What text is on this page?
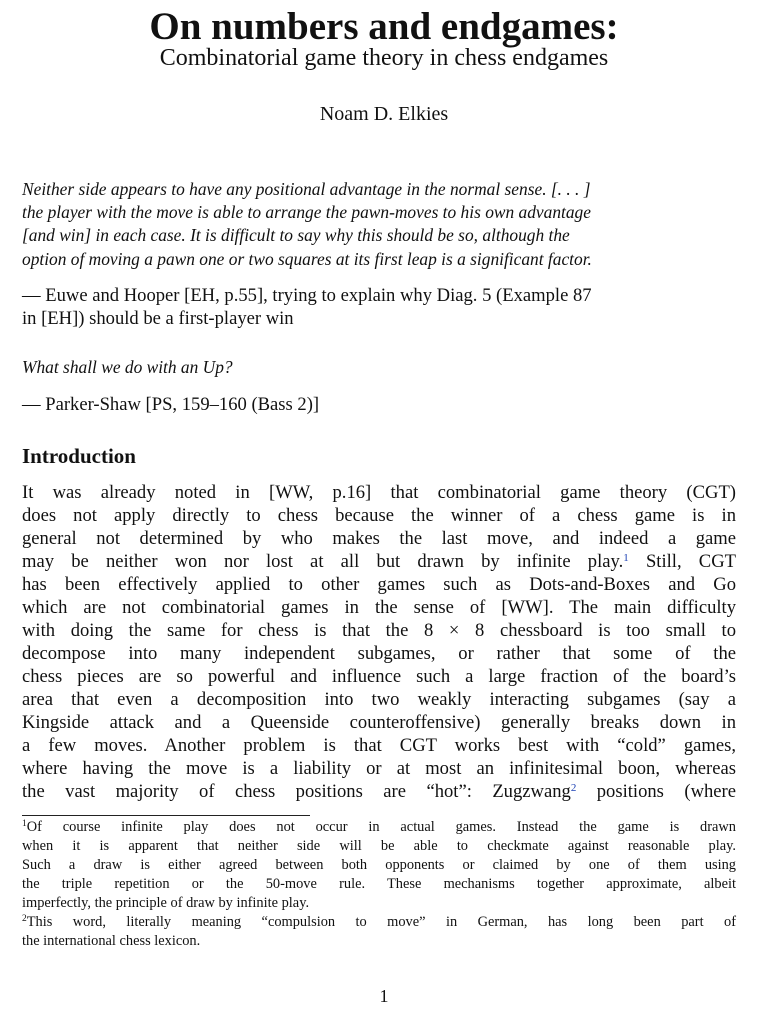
On numbers and endgames:
Combinatorial game theory in chess endgames
Noam D. Elkies
Neither side appears to have any positional advantage in the normal sense. [. . . ]
the player with the move is able to arrange the pawn-moves to his own advantage
[and win] in each case. It is difficult to say why this should be so, although the
option of moving a pawn one or two squares at its first leap is a significant factor.
— Euwe and Hooper [EH, p.55], trying to explain why Diag. 5 (Example 87
in [EH]) should be a first-player win
What shall we do with an Up?
— Parker-Shaw [PS, 159–160 (Bass 2)]
Introduction
It was already noted in [WW, p.16] that combinatorial game theory (CGT)
does not apply directly to chess because the winner of a chess game is in
general not determined by who makes the last move, and indeed a game
may be neither won nor lost at all but drawn by infinite play.$^1$ Still, CGT
has been effectively applied to other games such as Dots-and-Boxes and Go
which are not combinatorial games in the sense of [WW]. The main difficulty
with doing the same for chess is that the 8 × 8 chessboard is too small to
decompose into many independent subgames, or rather that some of the
chess pieces are so powerful and influence such a large fraction of the board’s
area that even a decomposition into two weakly interacting subgames (say a
Kingside attack and a Queenside counteroffensive) generally breaks down in
a few moves. Another problem is that CGT works best with “cold” games,
where having the move is a liability or at most an infinitesimal boon, whereas
the vast majority of chess positions are “hot”: Zugzwang$^2$ positions (where
$^1$Of course infinite play does not occur in actual games. Instead the game is drawn
when it is apparent that neither side will be able to checkmate against reasonable play.
Such a draw is either agreed between both opponents or claimed by one of them using
the triple repetition or the 50-move rule. These mechanisms together approximate, albeit
imperfectly, the principle of draw by infinite play.
$^2$This word, literally meaning “compulsion to move” in German, has long been part of
the international chess lexicon.
1
